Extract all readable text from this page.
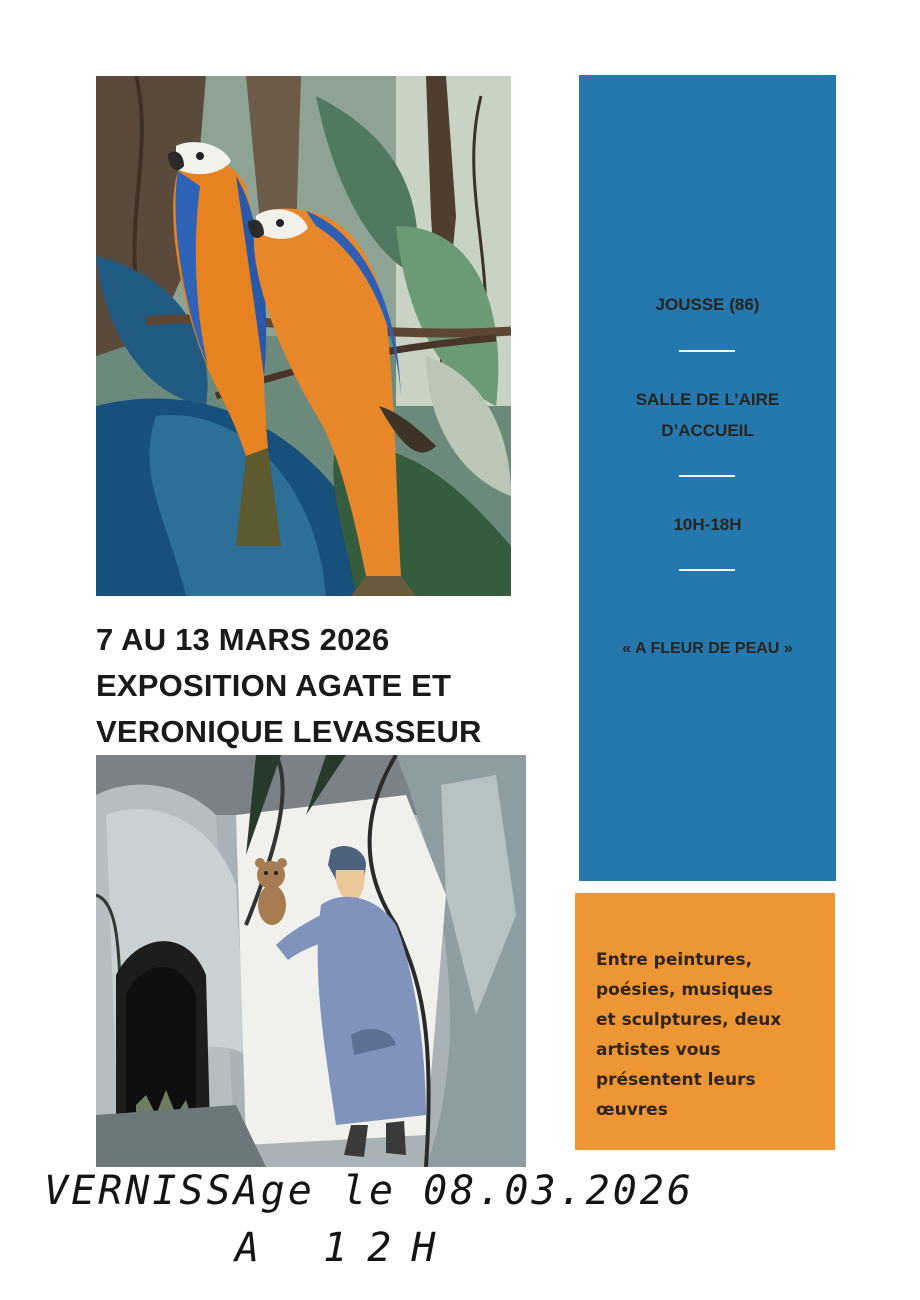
7 AU 13 MARS 2026
EXPOSITION AGATE ET
VERONIQUE LEVASSEUR
JOUSSE (86)
SALLE DE L’AIRE
D’ACCUEIL
10H-18H
« A FLEUR DE PEAU »
Entre peintures,
poésies, musiques
et sculptures, deux
artistes vous
présentent leurs
œuvres
VERNISSAge le 08.03.2026
A 12H
